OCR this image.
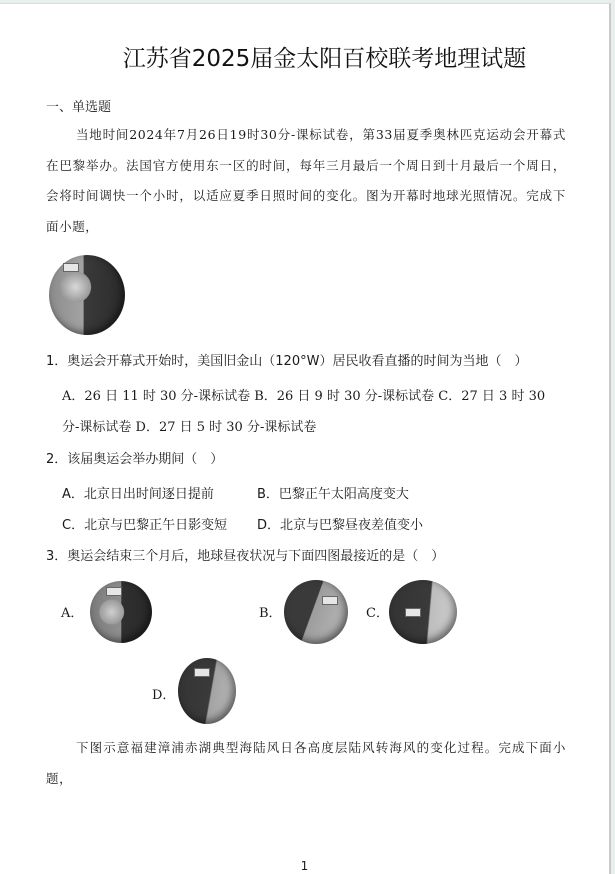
江苏省2025届金太阳百校联考地理试题
一、单选题
当地时间2024年7月26日19时30分-课标试卷，第33届夏季奥林匹克运动会开幕式在巴黎举办。法国官方使用东一区的时间，每年三月最后一个周日到十月最后一个周日，会将时间调快一个小时，以适应夏季日照时间的变化。图为开幕时地球光照情况。完成下面小题，
1．奥运会开幕式开始时，美国旧金山（120°W）居民收看直播的时间为当地（　）
A．26 日 11 时 30 分-课标试卷 B．26 日 9 时 30 分-课标试卷 C．27 日 3 时 30
分-课标试卷 D．27 日 5 时 30 分-课标试卷
2．该届奥运会举办期间（　）
A．北京日出时间逐日提前	B．巴黎正午太阳高度变大
C．北京与巴黎正午日影变短 D．北京与巴黎昼夜差值变小
3．奥运会结束三个月后，地球昼夜状况与下面四图最接近的是（　）
A．	B．	C．
D．
下图示意福建漳浦赤湖典型海陆风日各高度层陆风转海风的变化过程。完成下面小题，
1
